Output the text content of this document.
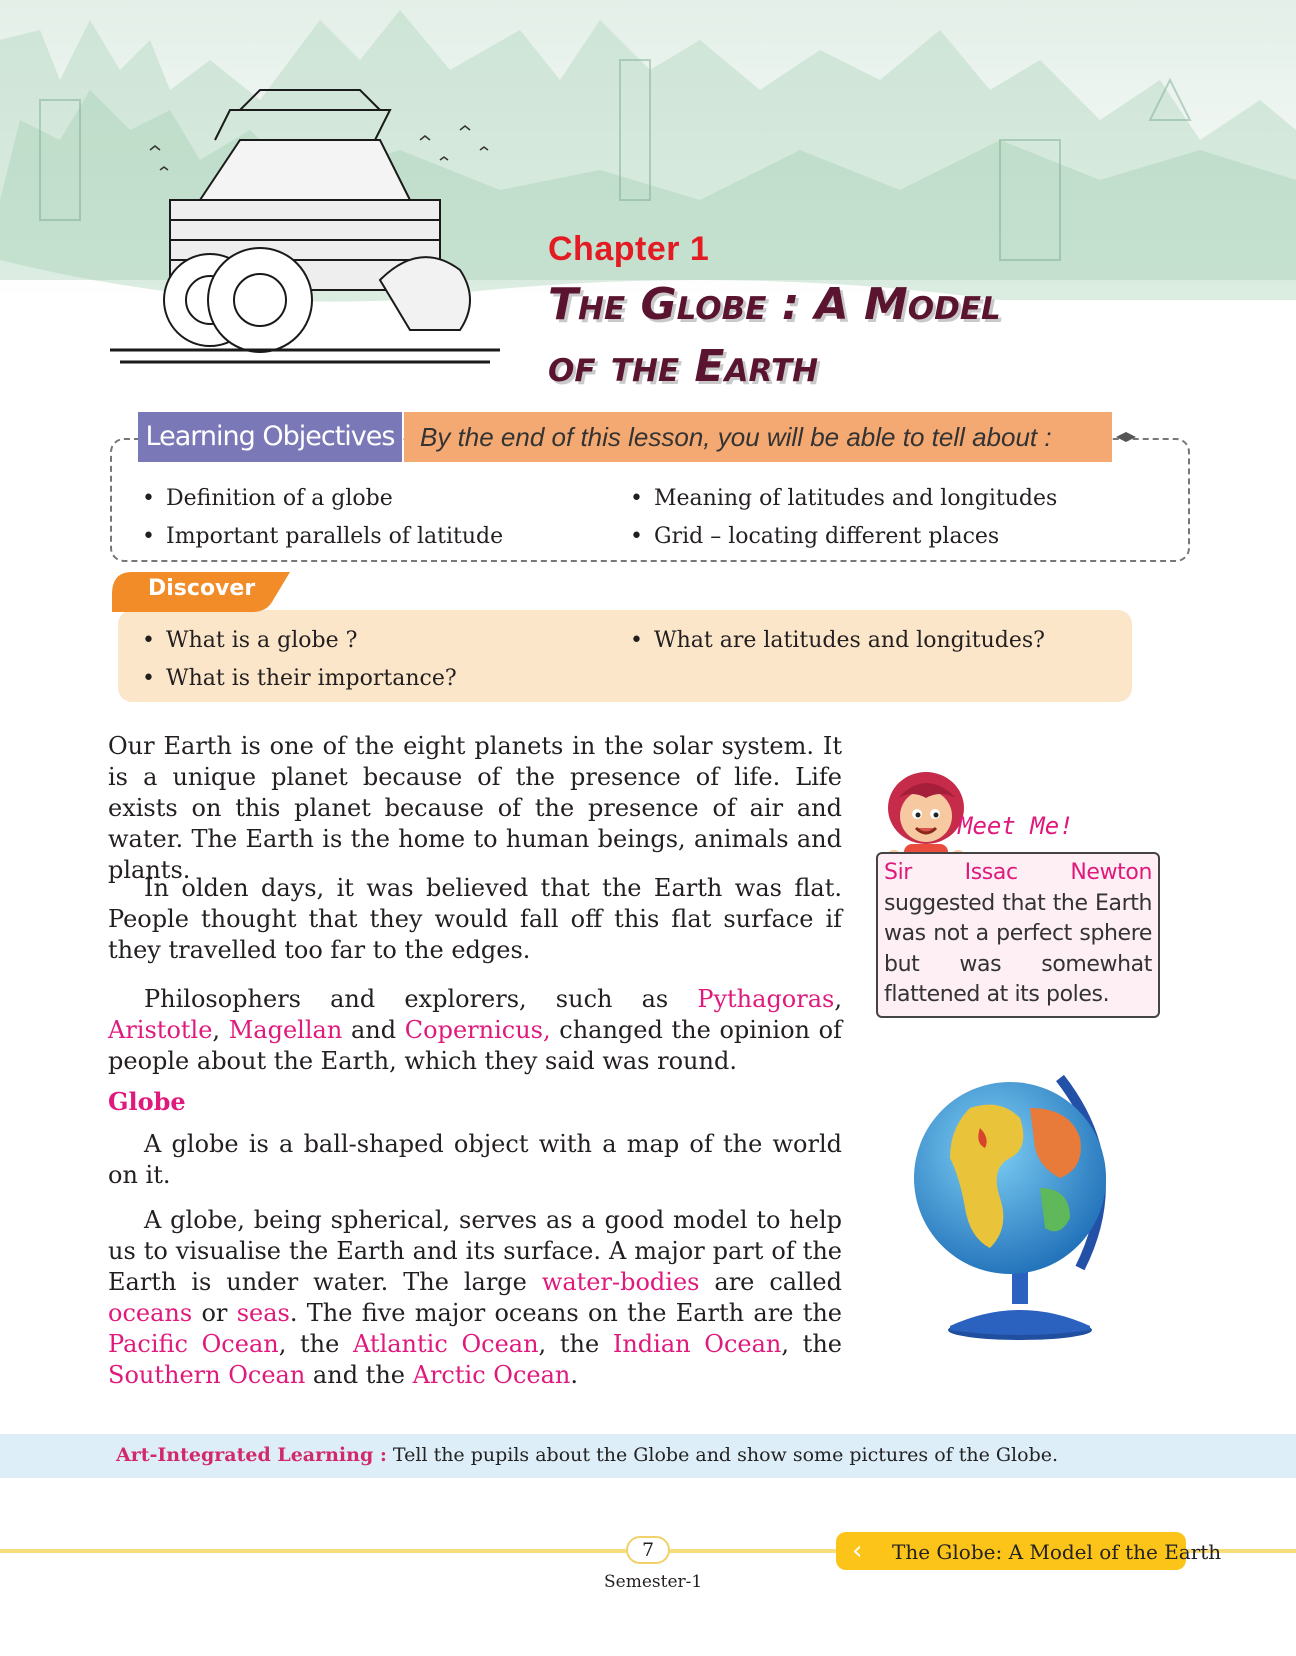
Chapter 1
The Globe : A Model
of the Earth
Learning Objectives By the end of this lesson, you will be able to tell about :
• Definition of a globe
• Important parallels of latitude
• Meaning of latitudes and longitudes
• Grid – locating different places
Discover
• What is a globe ?
• What is their importance?
• What are latitudes and longitudes?

Our Earth is one of the eight planets in the solar system. It is a unique planet because of the presence of life. Life exists on this planet because of the presence of air and water. The Earth is the home to human beings, animals and plants.

In olden days, it was believed that the Earth was flat. People thought that they would fall off this flat surface if they travelled too far to the edges.

Philosophers and explorers, such as Pythagoras, Aristotle, Magellan and Copernicus, changed the opinion of people about the Earth, which they said was round.

Globe

A globe is a ball-shaped object with a map of the world on it.

A globe, being spherical, serves as a good model to help us to visualise the Earth and its surface. A major part of the Earth is under water. The large water-bodies are called oceans or seas. The five major oceans on the Earth are the Pacific Ocean, the Atlantic Ocean, the Indian Ocean, the Southern Ocean and the Arctic Ocean.

Meet Me!
Sir Issac Newton suggested that the Earth was not a perfect sphere but was somewhat flattened at its poles.
Art-Integrated Learning : Tell the pupils about the Globe and show some pictures of the Globe.
7
Semester-1
‹ The Globe: A Model of the Earth
